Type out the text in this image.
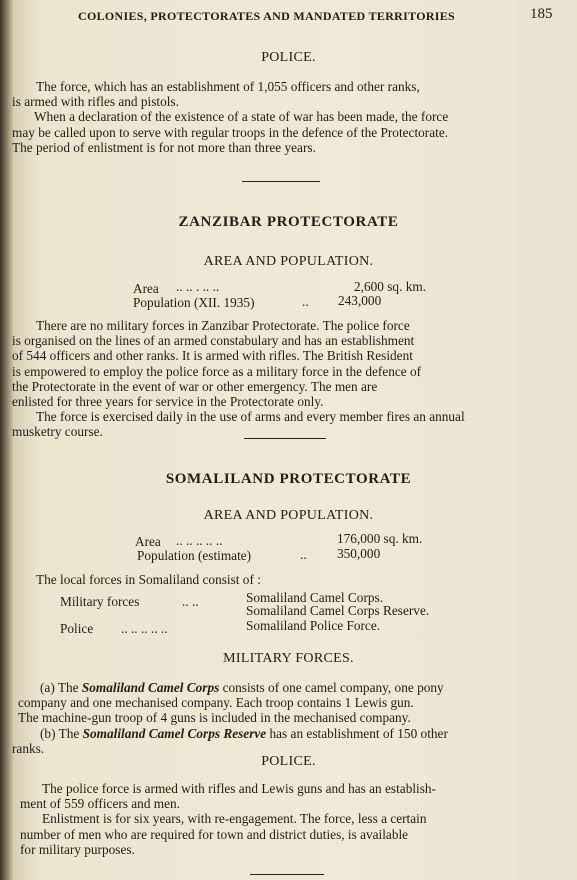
COLONIES, PROTECTORATES AND MANDATED TERRITORIES	185
POLICE.
The force, which has an establishment of 1,055 officers and other ranks,
is armed with rifles and pistols.
When a declaration of the existence of a state of war has been made, the force
may be called upon to serve with regular troops in the defence of the Protectorate.
The period of enlistment is for not more than three years.
ZANZIBAR PROTECTORATE
AREA AND POPULATION.
Area .. .. . .. ..	2,600 sq. km.
Population (XII. 1935)	.. 243,000
There are no military forces in Zanzibar Protectorate. The police force
is organised on the lines of an armed constabulary and has an establishment
of 544 officers and other ranks. It is armed with rifles. The British Resident
is empowered to employ the police force as a military force in the defence of
the Protectorate in the event of war or other emergency. The men are
enlisted for three years for service in the Protectorate only.
The force is exercised daily in the use of arms and every member fires an annual
musketry course.
SOMALILAND PROTECTORATE
AREA AND POPULATION.
Area .. .. .. .. ..	176,000 sq. km.
Population (estimate)	.. 350,000
The local forces in Somaliland consist of :
Military forces	.. ..	Somaliland Camel Corps.
Somaliland Camel Corps Reserve.
Police .. .. .. .. ..	Somaliland Police Force.
MILITARY FORCES.
(a) The Somaliland Camel Corps consists of one camel company, one pony
company and one mechanised company. Each troop contains 1 Lewis gun.
The machine-gun troop of 4 guns is included in the mechanised company.
(b) The Somaliland Camel Corps Reserve has an establishment of 150 other
ranks.
POLICE.
The police force is armed with rifles and Lewis guns and has an establish-
ment of 559 officers and men.
Enlistment is for six years, with re-engagement. The force, less a certain
number of men who are required for town and district duties, is available
for military purposes.
